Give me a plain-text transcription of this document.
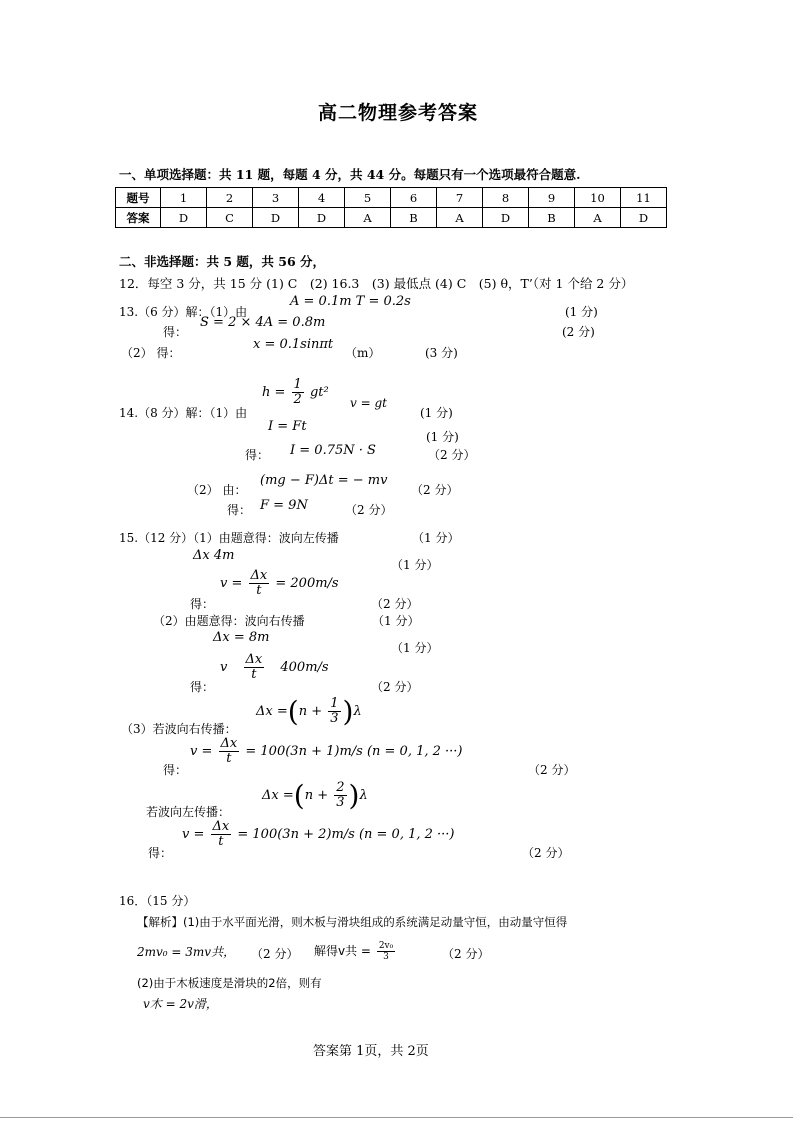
高二物理参考答案
一、单项选择题：共 11 题，每题 4 分，共 44 分。每题只有一个选项最符合题意.
题号	1	2	3	4	5	6	7	8	9	10	11
答案	D	C	D	D	A	B	A	D	B	A	D
二、非选择题：共 5 题，共 56 分，
12．每空 3 分，共 15 分 (1) C　(2) 16.3　(3) 最低点 (4) C　(5) θ，T’（对 1 个给 2 分）
13.（6 分）解：（1）由
A = 0.1m T = 0.2s
(1 分)
得：
S = 2 × 4A = 0.8m
(2 分)
（2） 得：
x = 0.1sinπt
（m）	(3 分)
14.（8 分）解：（1）由
$h = \frac{1}{2} gt^2$
v = gt
(1 分)
I = Ft
(1 分)
得： I = 0.75N · S	（2 分）
（2） 由：
(mg − F)Δt = − mv
（2 分）
得： F = 9N	（2 分）
15.（12 分）（1）由题意得：波向左传播	（1 分）
Δx 4m
（1 分）
$v = \frac{\Delta x}{t} = 200m/s$
得：	（2 分）
（2）由题意得：波向右传播	（1 分）
Δx = 8m
（1 分）
v $\frac{\Delta x}{t} 400m/s$
得：	（2 分）
$\Delta x =(n + \frac{1}{3} )\lambda$
（3）若波向右传播：
$v = \frac{\Delta x}{t} = 100(3n + 1)m/s$ (n = 0, 1, 2 ···)
得：	（2 分）
$\Delta x =(n + \frac{2}{3} )\lambda$
若波向左传播：
$v = \frac{\Delta x}{t} = 100(3n + 2)m/s$ (n = 0, 1, 2 ···)
得：	（2 分）
16．（15 分）
【解析】(1)由于水平面光滑，则木板与滑块组成的系统满足动量守恒，由动量守恒得
2mv₀ = 3mv共， （2 分） 解得v共 = $\frac{\text{2v₀}}{3}$	（2 分）
(2)由于木板速度是滑块的2倍，则有
v木 = 2v滑，
答案第 1页，共 2页
